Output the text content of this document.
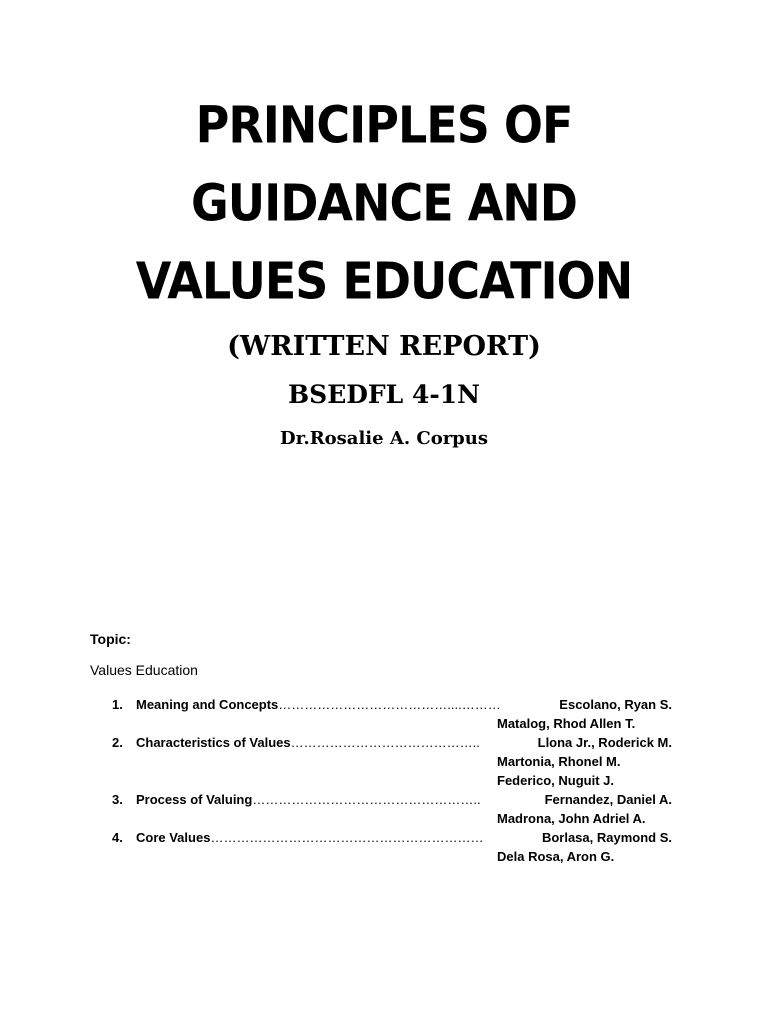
PRINCIPLES OF
GUIDANCE AND
VALUES EDUCATION
(WRITTEN REPORT)
BSEDFL 4-1N
Dr.Rosalie A. Corpus
Topic:
Values Education
1.	Meaning and Concepts …………………………………....………	Escolano, Ryan S.
Matalog, Rhod Allen T.
2.	Characteristics of Values ……………………………………..	Llona Jr., Roderick M.
Martonia, Rhonel M.
Federico, Nuguit J.
3.	Process of Valuing ……………………………………………..	Fernandez, Daniel A.
Madrona, John Adriel A.
4.	Core Values ………………………………………………………	Borlasa, Raymond S.
Dela Rosa, Aron G.
